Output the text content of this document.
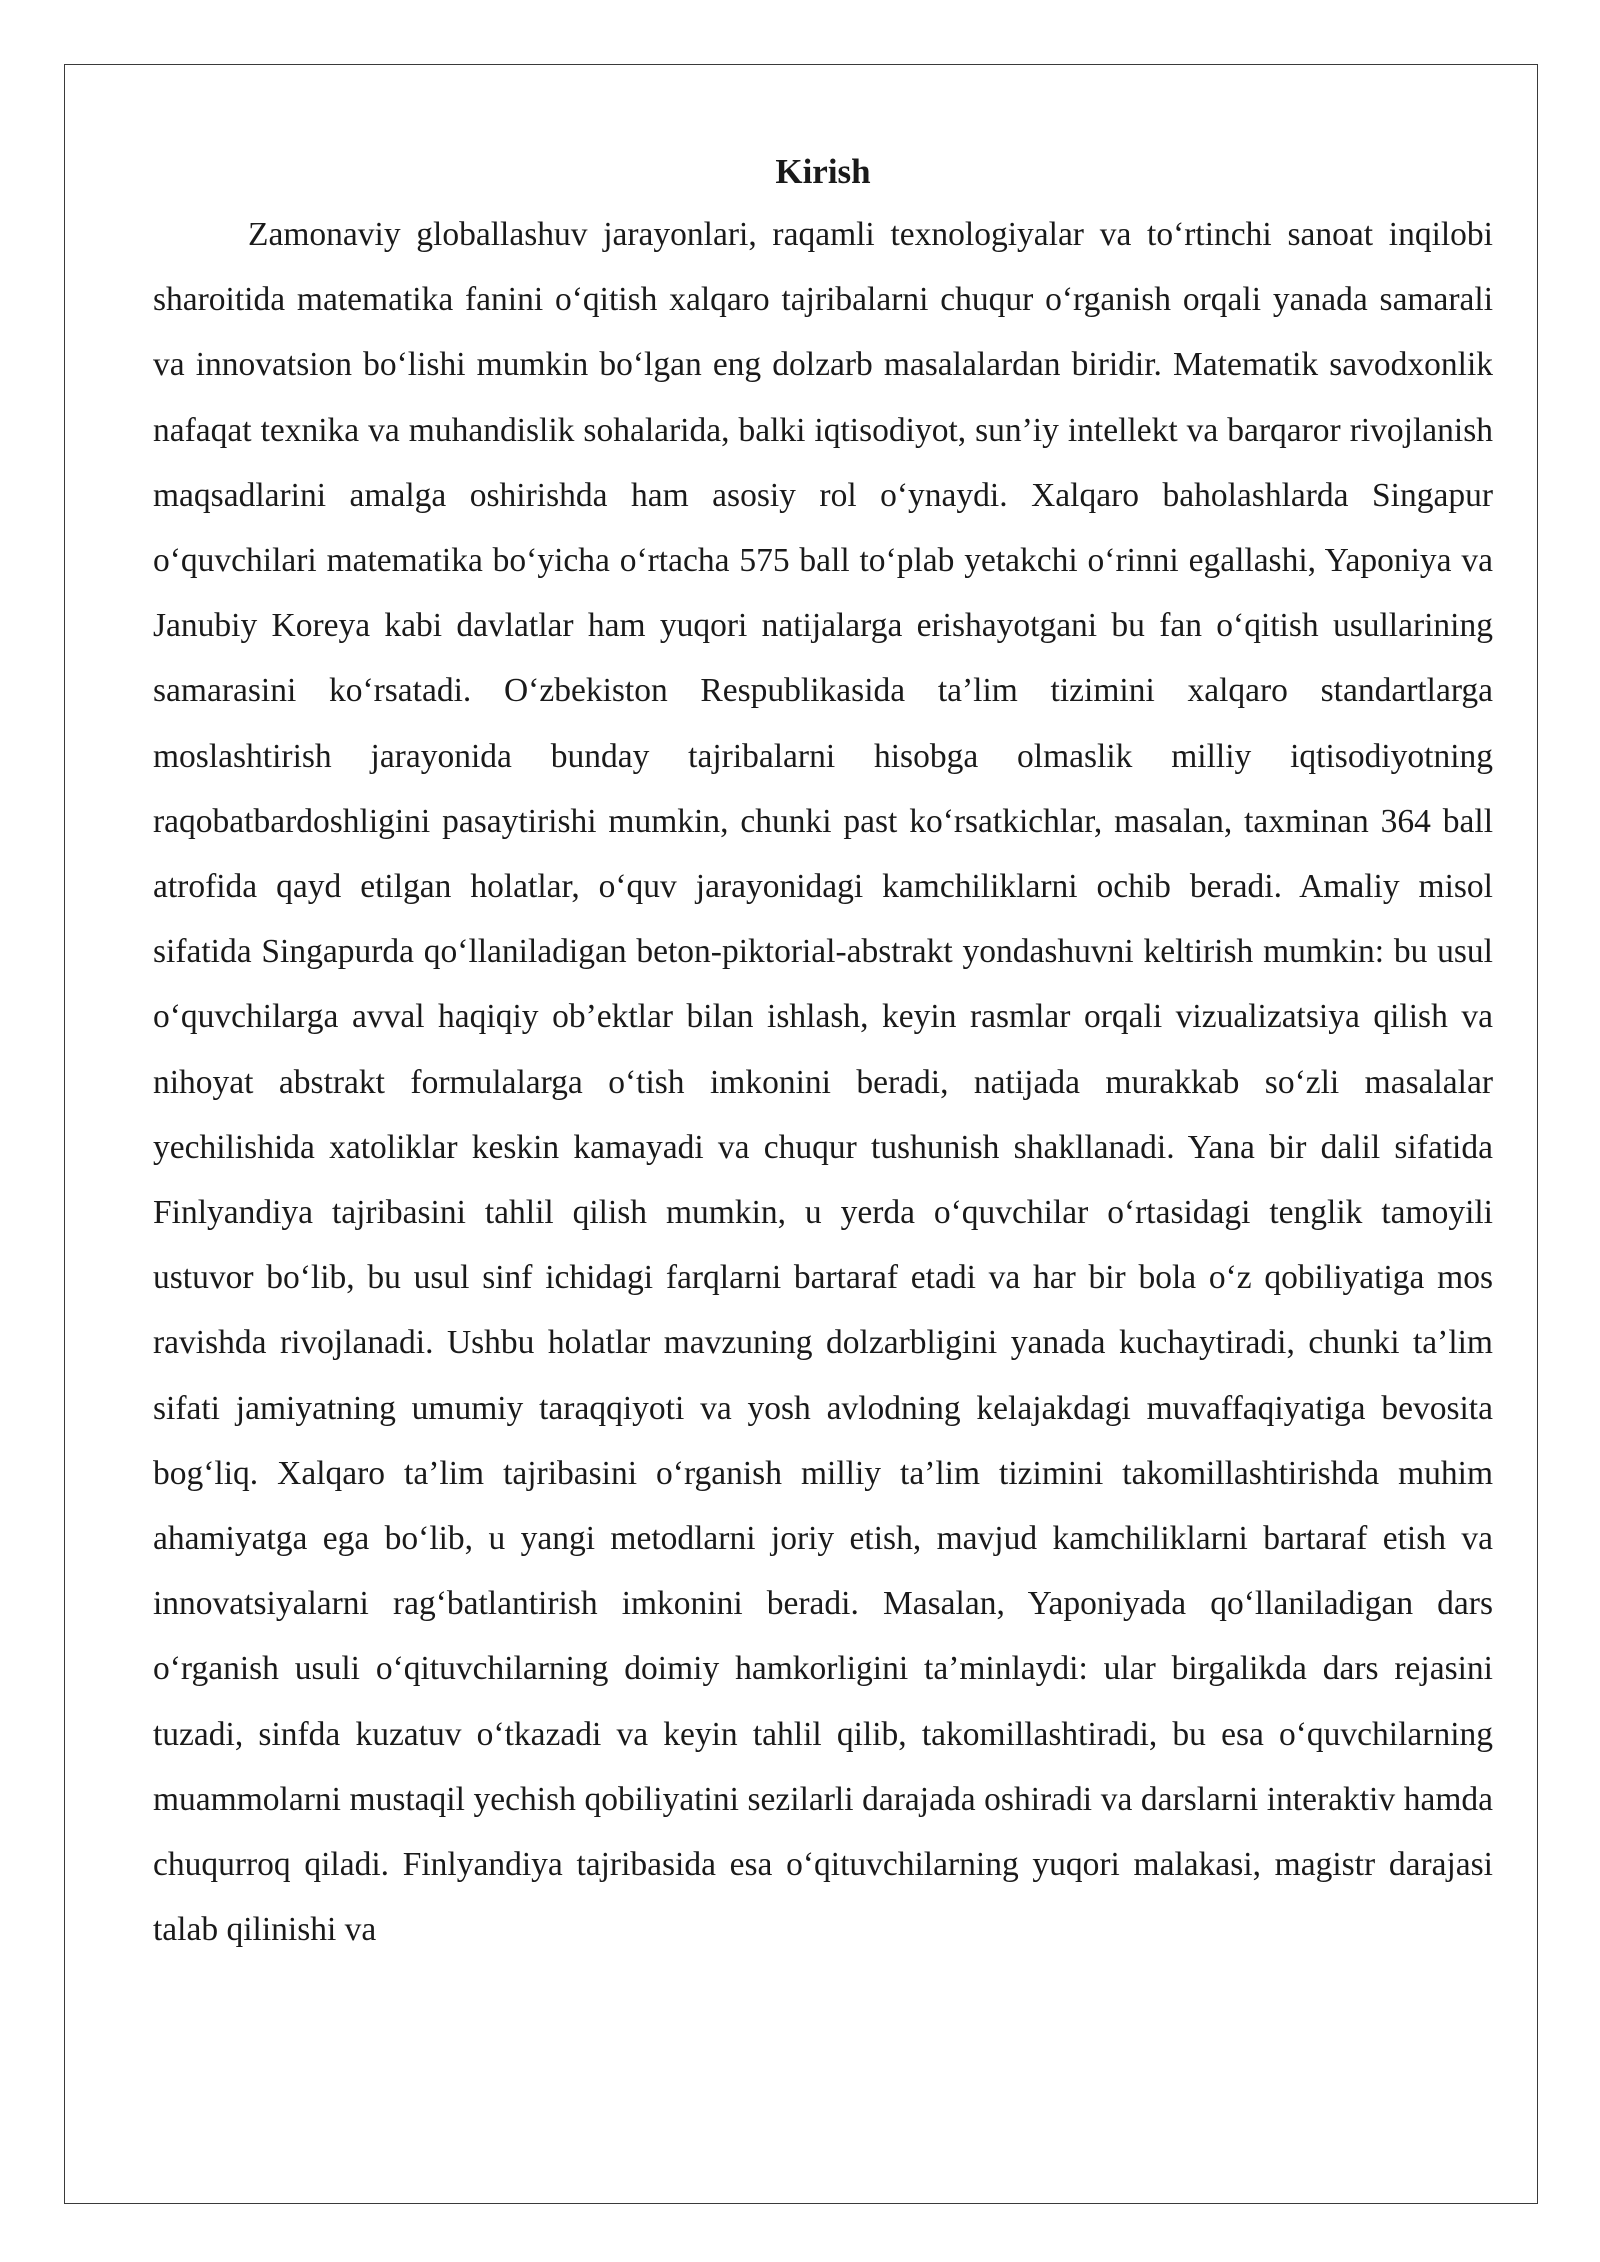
Kirish

Zamonaviy globallashuv jarayonlari, raqamli texnologiyalar va to‘rtinchi sanoat inqilobi sharoitida matematika fanini o‘qitish xalqaro tajribalarni chuqur o‘rganish orqali yanada samarali va innovatsion bo‘lishi mumkin bo‘lgan eng dolzarb masalalardan biridir. Matematik savodxonlik nafaqat texnika va muhandislik sohalarida, balki iqtisodiyot, sun’iy intellekt va barqaror rivojlanish maqsadlarini amalga oshirishda ham asosiy rol o‘ynaydi. Xalqaro baholashlarda Singapur o‘quvchilari matematika bo‘yicha o‘rtacha 575 ball to‘plab yetakchi o‘rinni egallashi, Yaponiya va Janubiy Koreya kabi davlatlar ham yuqori natijalarga erishayotgani bu fan o‘qitish usullarining samarasini ko‘rsatadi. O‘zbekiston Respublikasida ta’lim tizimini xalqaro standartlarga moslashtirish jarayonida bunday tajribalarni hisobga olmaslik milliy iqtisodiyotning raqobatbardoshligini pasaytirishi mumkin, chunki past ko‘rsatkichlar, masalan, taxminan 364 ball atrofida qayd etilgan holatlar, o‘quv jarayonidagi kamchiliklarni ochib beradi. Amaliy misol sifatida Singapurda qo‘llaniladigan beton-piktorial-abstrakt yondashuvni keltirish mumkin: bu usul o‘quvchilarga avval haqiqiy ob’ektlar bilan ishlash, keyin rasmlar orqali vizualizatsiya qilish va nihoyat abstrakt formulalarga o‘tish imkonini beradi, natijada murakkab so‘zli masalalar yechilishida xatoliklar keskin kamayadi va chuqur tushunish shakllanadi. Yana bir dalil sifatida Finlyandiya tajribasini tahlil qilish mumkin, u yerda o‘quvchilar o‘rtasidagi tenglik tamoyili ustuvor bo‘lib, bu usul sinf ichidagi farqlarni bartaraf etadi va har bir bola o‘z qobiliyatiga mos ravishda rivojlanadi. Ushbu holatlar mavzuning dolzarbligini yanada kuchaytiradi, chunki ta’lim sifati jamiyatning umumiy taraqqiyoti va yosh avlodning kelajakdagi muvaffaqiyatiga bevosita bog‘liq. Xalqaro ta’lim tajribasini o‘rganish milliy ta’lim tizimini takomillashtirishda muhim ahamiyatga ega bo‘lib, u yangi metodlarni joriy etish, mavjud kamchiliklarni bartaraf etish va innovatsiyalarni rag‘batlantirish imkonini beradi. Masalan, Yaponiyada qo‘llaniladigan dars o‘rganish usuli o‘qituvchilarning doimiy hamkorligini ta’minlaydi: ular birgalikda dars rejasini tuzadi, sinfda kuzatuv o‘tkazadi va keyin tahlil qilib, takomillashtiradi, bu esa o‘quvchilarning muammolarni mustaqil yechish qobiliyatini sezilarli darajada oshiradi va darslarni interaktiv hamda chuqurroq qiladi. Finlyandiya tajribasida esa o‘qituvchilarning yuqori malakasi, magistr darajasi talab qilinishi va
